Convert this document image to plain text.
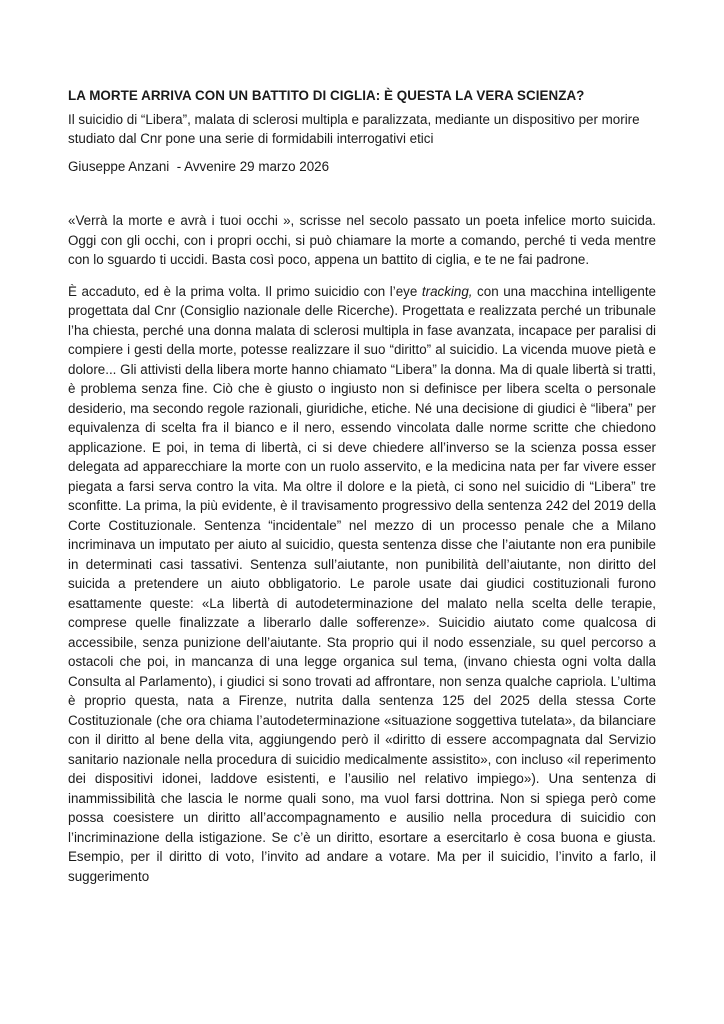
LA MORTE ARRIVA CON UN BATTITO DI CIGLIA: È QUESTA LA VERA SCIENZA?
Il suicidio di “Libera”, malata di sclerosi multipla e paralizzata, mediante un dispositivo per morire studiato dal Cnr pone una serie di formidabili interrogativi etici
Giuseppe Anzani  - Avvenire 29 marzo 2026

«Verrà la morte e avrà i tuoi occhi », scrisse nel secolo passato un poeta infelice morto suicida. Oggi con gli occhi, con i propri occhi, si può chiamare la morte a comando, perché ti veda mentre con lo sguardo ti uccidi. Basta così poco, appena un battito di ciglia, e te ne fai padrone.

È accaduto, ed è la prima volta. Il primo suicidio con l’eye tracking, con una macchina intelligente progettata dal Cnr (Consiglio nazionale delle Ricerche). Progettata e realizzata perché un tribunale l’ha chiesta, perché una donna malata di sclerosi multipla in fase avanzata, incapace per paralisi di compiere i gesti della morte, potesse realizzare il suo “diritto” al suicidio. La vicenda muove pietà e dolore... Gli attivisti della libera morte hanno chiamato “Libera” la donna. Ma di quale libertà si tratti, è problema senza fine. Ciò che è giusto o ingiusto non si definisce per libera scelta o personale desiderio, ma secondo regole razionali, giuridiche, etiche. Né una decisione di giudici è “libera” per equivalenza di scelta fra il bianco e il nero, essendo vincolata dalle norme scritte che chiedono applicazione. E poi, in tema di libertà, ci si deve chiedere all’inverso se la scienza possa esser delegata ad apparecchiare la morte con un ruolo asservito, e la medicina nata per far vivere esser piegata a farsi serva contro la vita. Ma oltre il dolore e la pietà, ci sono nel suicidio di “Libera” tre sconfitte. La prima, la più evidente, è il travisamento progressivo della sentenza 242 del 2019 della Corte Costituzionale. Sentenza “incidentale” nel mezzo di un processo penale che a Milano incriminava un imputato per aiuto al suicidio, questa sentenza disse che l’aiutante non era punibile in determinati casi tassativi. Sentenza sull’aiutante, non punibilità dell’aiutante, non diritto del suicida a pretendere un aiuto obbligatorio. Le parole usate dai giudici costituzionali furono esattamente queste: «La libertà di autodeterminazione del malato nella scelta delle terapie, comprese quelle finalizzate a liberarlo dalle sofferenze». Suicidio aiutato come qualcosa di accessibile, senza punizione dell’aiutante. Sta proprio qui il nodo essenziale, su quel percorso a ostacoli che poi, in mancanza di una legge organica sul tema, (invano chiesta ogni volta dalla Consulta al Parlamento), i giudici si sono trovati ad affrontare, non senza qualche capriola. L’ultima è proprio questa, nata a Firenze, nutrita dalla sentenza 125 del 2025 della stessa Corte Costituzionale (che ora chiama l’autodeterminazione «situazione soggettiva tutelata», da bilanciare con il diritto al bene della vita, aggiungendo però il «diritto di essere accompagnata dal Servizio sanitario nazionale nella procedura di suicidio medicalmente assistito», con incluso «il reperimento dei dispositivi idonei, laddove esistenti, e l’ausilio nel relativo impiego»). Una sentenza di inammissibilità che lascia le norme quali sono, ma vuol farsi dottrina. Non si spiega però come possa coesistere un diritto all’accompagnamento e ausilio nella procedura di suicidio con l’incriminazione della istigazione. Se c’è un diritto, esortare a esercitarlo è cosa buona e giusta. Esempio, per il diritto di voto, l’invito ad andare a votare. Ma per il suicidio, l’invito a farlo, il suggerimento
